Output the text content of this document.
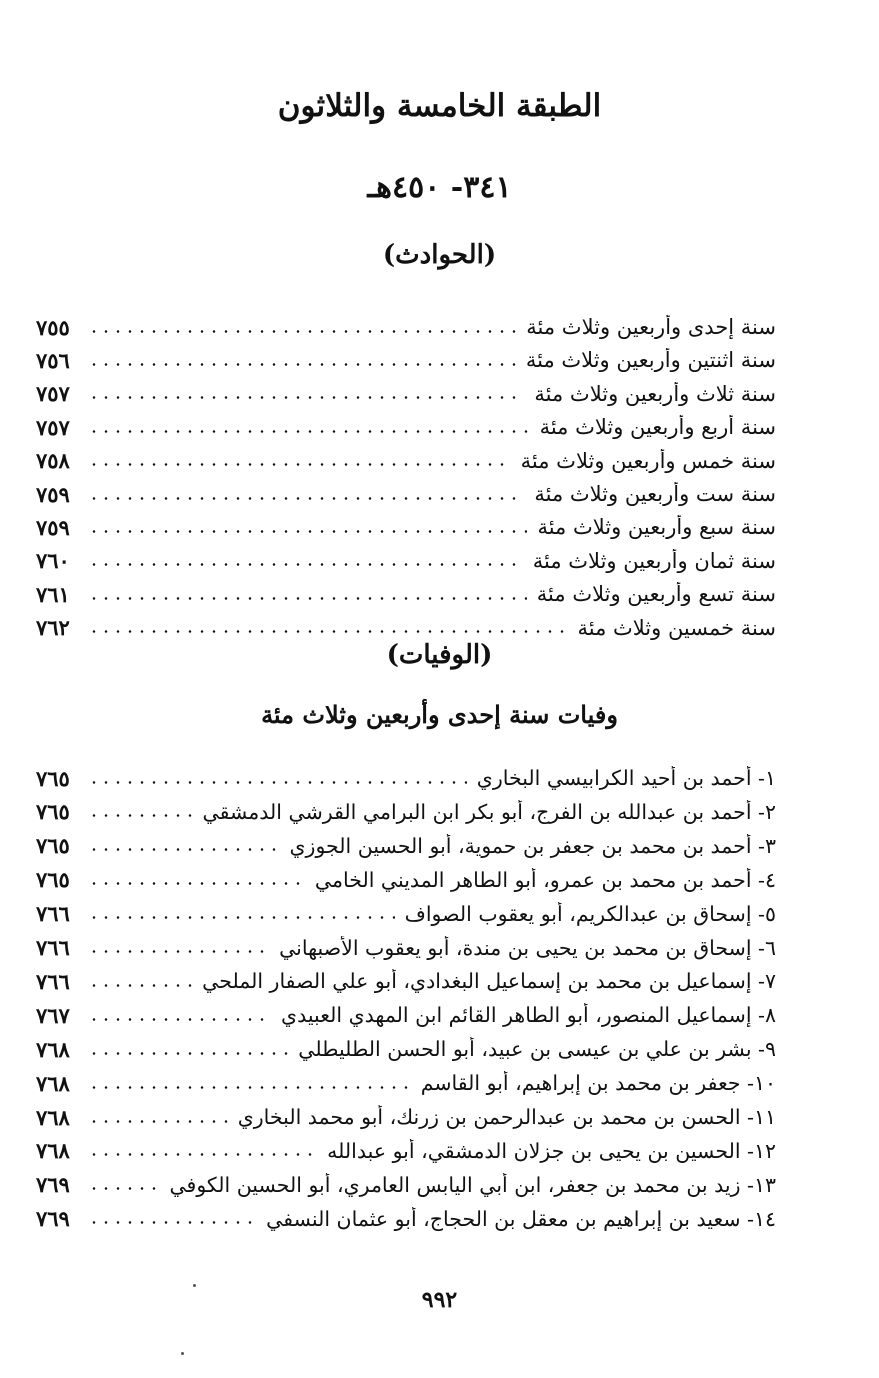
الطبقة الخامسة والثلاثون
٣٤١- ٤٥٠هـ
(الحوادث)
سنة إحدى وأربعين وثلاث مئة
٧٥٥
سنة اثنتين وأربعين وثلاث مئة
٧٥٦
سنة ثلاث وأربعين وثلاث مئة
٧٥٧
سنة أربع وأربعين وثلاث مئة
٧٥٧
سنة خمس وأربعين وثلاث مئة
٧٥٨
سنة ست وأربعين وثلاث مئة
٧٥٩
سنة سبع وأربعين وثلاث مئة
٧٥٩
سنة ثمان وأربعين وثلاث مئة
٧٦٠
سنة تسع وأربعين وثلاث مئة
٧٦١
سنة خمسين وثلاث مئة
٧٦٢
(الوفيات)
وفيات سنة إحدى وأربعين وثلاث مئة
١- أحمد بن أحيد الكرابيسي البخاري
٧٦٥
٢- أحمد بن عبدالله بن الفرج، أبو بكر ابن البرامي القرشي الدمشقي
٧٦٥
٣- أحمد بن محمد بن جعفر بن حموية، أبو الحسين الجوزي
٧٦٥
٤- أحمد بن محمد بن عمرو، أبو الطاهر المديني الخامي
٧٦٥
٥- إسحاق بن عبدالكريم، أبو يعقوب الصواف
٧٦٦
٦- إسحاق بن محمد بن يحيى بن مندة، أبو يعقوب الأصبهاني
٧٦٦
٧- إسماعيل بن محمد بن إسماعيل البغدادي، أبو علي الصفار الملحي
٧٦٦
٨- إسماعيل المنصور، أبو الطاهر القائم ابن المهدي العبيدي
٧٦٧
٩- بشر بن علي بن عيسى بن عبيد، أبو الحسن الطليطلي
٧٦٨
١٠- جعفر بن محمد بن إبراهيم، أبو القاسم
٧٦٨
١١- الحسن بن محمد بن عبدالرحمن بن زرنك، أبو محمد البخاري
٧٦٨
١٢- الحسين بن يحيى بن جزلان الدمشقي، أبو عبدالله
٧٦٨
١٣- زيد بن محمد بن جعفر، ابن أبي اليابس العامري، أبو الحسين الكوفي
٧٦٩
١٤- سعيد بن إبراهيم بن معقل بن الحجاج، أبو عثمان النسفي
٧٦٩
٩٩٢
